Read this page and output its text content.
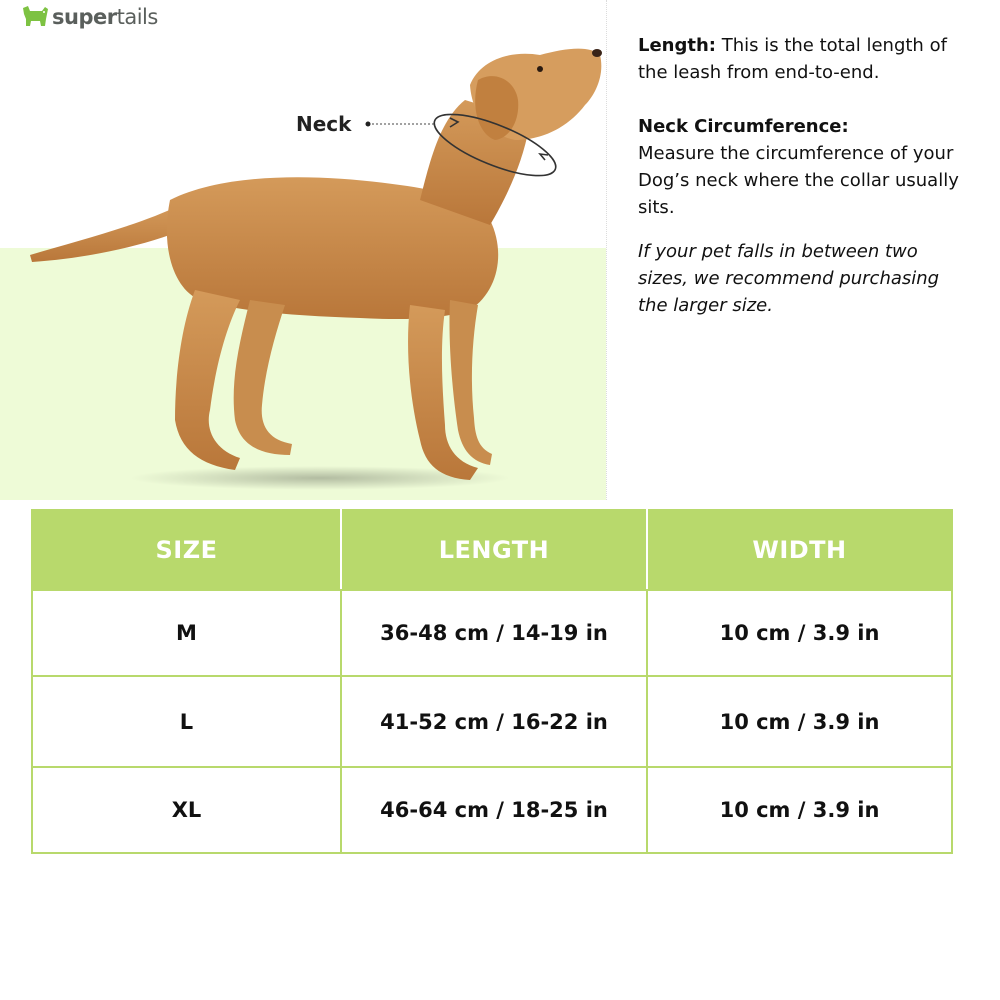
supertails
Neck

Length: This is the total length of the leash from end-to-end.

Neck Circumference:

Measure the circumference of your Dog’s neck where the collar usually sits.

If your pet falls in between two sizes, we recommend purchasing the larger size.

SIZE	LENGTH	WIDTH
M	36-48 cm / 14-19 in	10 cm / 3.9 in
L	41-52 cm / 16-22 in	10 cm / 3.9 in
XL	46-64 cm / 18-25 in	10 cm / 3.9 in
